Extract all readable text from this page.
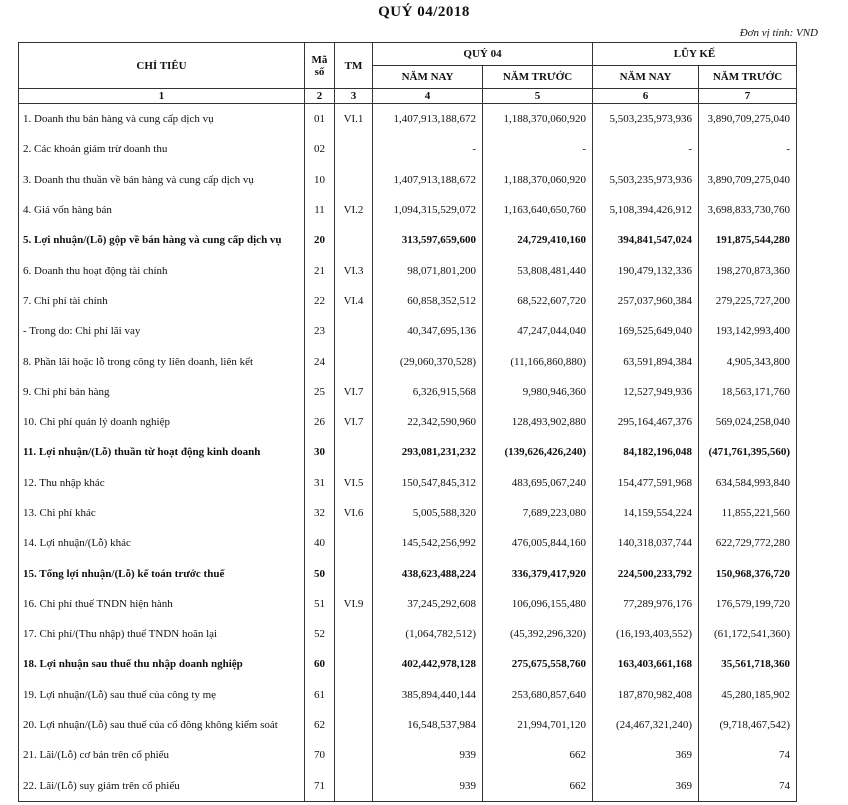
QUÝ 04/2018
Đơn vị tính: VND
CHỈ TIÊU	Mã số	TM	QUÝ 04		LŨY KẾ	
			NĂM NAY	NĂM TRƯỚC	NĂM NAY	NĂM TRƯỚC
1	2	3	4	5	6	7
1. Doanh thu bán hàng và cung cấp dịch vụ	01	VI.1	1,407,913,188,672	1,188,370,060,920	5,503,235,973,936	3,890,709,275,040
2. Các khoản giảm trừ doanh thu	02		-	-	-	-
3. Doanh thu thuần về bán hàng và cung cấp dịch vụ	10		1,407,913,188,672	1,188,370,060,920	5,503,235,973,936	3,890,709,275,040
4. Giá vốn hàng bán	11	VI.2	1,094,315,529,072	1,163,640,650,760	5,108,394,426,912	3,698,833,730,760
5. Lợi nhuận/(Lỗ) gộp về bán hàng và cung cấp dịch vụ	20		313,597,659,600	24,729,410,160	394,841,547,024	191,875,544,280
6. Doanh thu hoạt động tài chính	21	VI.3	98,071,801,200	53,808,481,440	190,479,132,336	198,270,873,360
7. Chi phí tài chính	22	VI.4	60,858,352,512	68,522,607,720	257,037,960,384	279,225,727,200
- Trong do: Chi phí lãi vay	23		40,347,695,136	47,247,044,040	169,525,649,040	193,142,993,400
8. Phần lãi hoặc lỗ trong công ty liên doanh, liên kết	24		(29,060,370,528)	(11,166,860,880)	63,591,894,384	4,905,343,800
9. Chi phí bán hàng	25	VI.7	6,326,915,568	9,980,946,360	12,527,949,936	18,563,171,760
10. Chi phí quản lý doanh nghiệp	26	VI.7	22,342,590,960	128,493,902,880	295,164,467,376	569,024,258,040
11. Lợi nhuận/(Lỗ) thuần từ hoạt động kinh doanh	30		293,081,231,232	(139,626,426,240)	84,182,196,048	(471,761,395,560)
12. Thu nhập khác	31	VI.5	150,547,845,312	483,695,067,240	154,477,591,968	634,584,993,840
13. Chi phí khác	32	VI.6	5,005,588,320	7,689,223,080	14,159,554,224	11,855,221,560
14. Lợi nhuận/(Lỗ) khác	40		145,542,256,992	476,005,844,160	140,318,037,744	622,729,772,280
15. Tổng lợi nhuận/(Lỗ) kế toán trước thuế	50		438,623,488,224	336,379,417,920	224,500,233,792	150,968,376,720
16. Chi phí thuế TNDN hiện hành	51	VI.9	37,245,292,608	106,096,155,480	77,289,976,176	176,579,199,720
17. Chi phí/(Thu nhập) thuế TNDN hoãn lại	52		(1,064,782,512)	(45,392,296,320)	(16,193,403,552)	(61,172,541,360)
18. Lợi nhuận sau thuế thu nhập doanh nghiệp	60		402,442,978,128	275,675,558,760	163,403,661,168	35,561,718,360
19. Lợi nhuận/(Lỗ) sau thuế của công ty mẹ	61		385,894,440,144	253,680,857,640	187,870,982,408	45,280,185,902
20. Lợi nhuận/(Lỗ) sau thuế của cổ đông không kiểm soát	62		16,548,537,984	21,994,701,120	(24,467,321,240)	(9,718,467,542)
21. Lãi/(Lỗ) cơ bản trên cổ phiếu	70		939	662	369	74
22. Lãi/(Lỗ) suy giảm trên cổ phiếu	71		939	662	369	74
